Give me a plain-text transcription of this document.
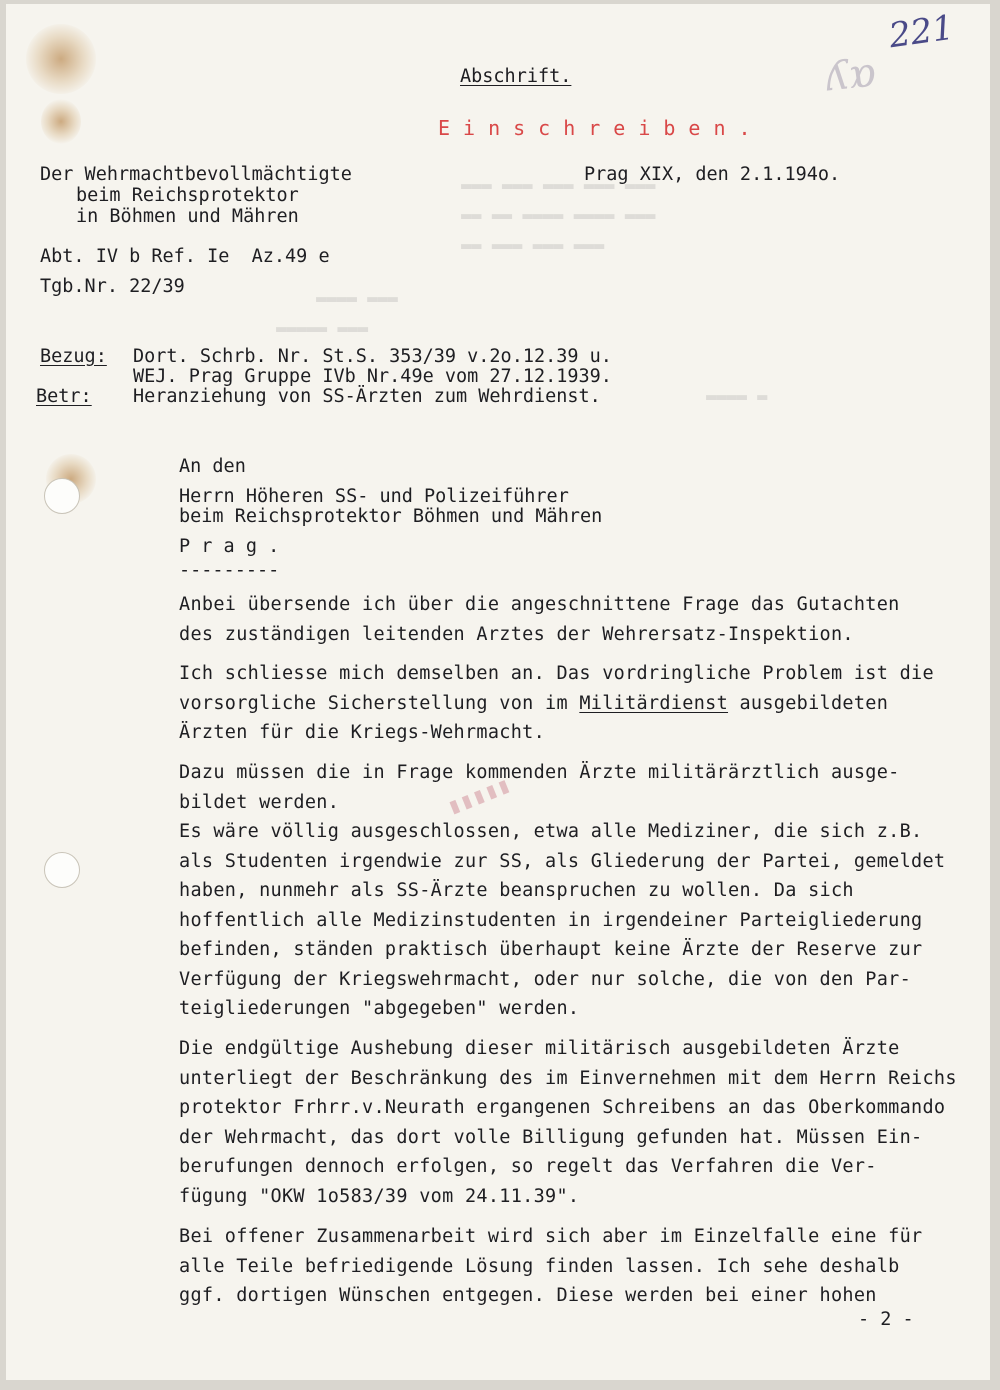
▬▬▬ ▬▬▬ ▬▬▬ ▬▬▬ ▬▬▬
▬▬▬ ▬▬▬▬ ▬▬▬▬ ▬▬ ▬▬
▬▬▬ ▬▬▬ ▬▬▬ ▬▬
▬▬▬ ▬▬▬▬
▬▬▬ ▬▬▬▬▬
▬ ▬▬▬▬
▮▮▮▮▮
221
ʎɒ
Abschrift.
Einschreiben.
Der Wehrmachtbevollmächtigte
beim Reichsprotektor
in Böhmen und Mähren
Prag XIX, den 2.1.194o.
Abt. IV b Ref. Ie  Az.49 e
Tgb.Nr. 22/39
Bezug: Dort. Schrb. Nr. St.S. 353/39 v.2o.12.39 u.
WEJ. Prag Gruppe IVb Nr.49e vom 27.12.1939.
Betr: Heranziehung von SS-Ärzten zum Wehrdienst.
An den
Herrn Höheren SS- und Polizeiführer
beim Reichsprotektor Böhmen und Mähren
P r a g .
---------
Anbei übersende ich über die angeschnittene Frage das Gutachten
des zuständigen leitenden Arztes der Wehrersatz-Inspektion.
Ich schliesse mich demselben an. Das vordringliche Problem ist die
vorsorgliche Sicherstellung von im Militärdienst ausgebildeten
Ärzten für die Kriegs-Wehrmacht.
Dazu müssen die in Frage kommenden Ärzte militärärztlich ausge-
bildet werden.
Es wäre völlig ausgeschlossen, etwa alle Mediziner, die sich z.B.
als Studenten irgendwie zur SS, als Gliederung der Partei, gemeldet
haben, nunmehr als SS-Ärzte beanspruchen zu wollen. Da sich
hoffentlich alle Medizinstudenten in irgendeiner Parteigliederung
befinden, ständen praktisch überhaupt keine Ärzte der Reserve zur
Verfügung der Kriegswehrmacht, oder nur solche, die von den Par-
teigliederungen "abgegeben" werden.
Die endgültige Aushebung dieser militärisch ausgebildeten Ärzte
unterliegt der Beschränkung des im Einvernehmen mit dem Herrn Reichs
protektor Frhrr.v.Neurath ergangenen Schreibens an das Oberkommando
der Wehrmacht, das dort volle Billigung gefunden hat. Müssen Ein-
berufungen dennoch erfolgen, so regelt das Verfahren die Ver-
fügung "OKW 1o583/39 vom 24.11.39".
Bei offener Zusammenarbeit wird sich aber im Einzelfalle eine für
alle Teile befriedigende Lösung finden lassen. Ich sehe deshalb
ggf. dortigen Wünschen entgegen. Diese werden bei einer hohen
- 2 -
